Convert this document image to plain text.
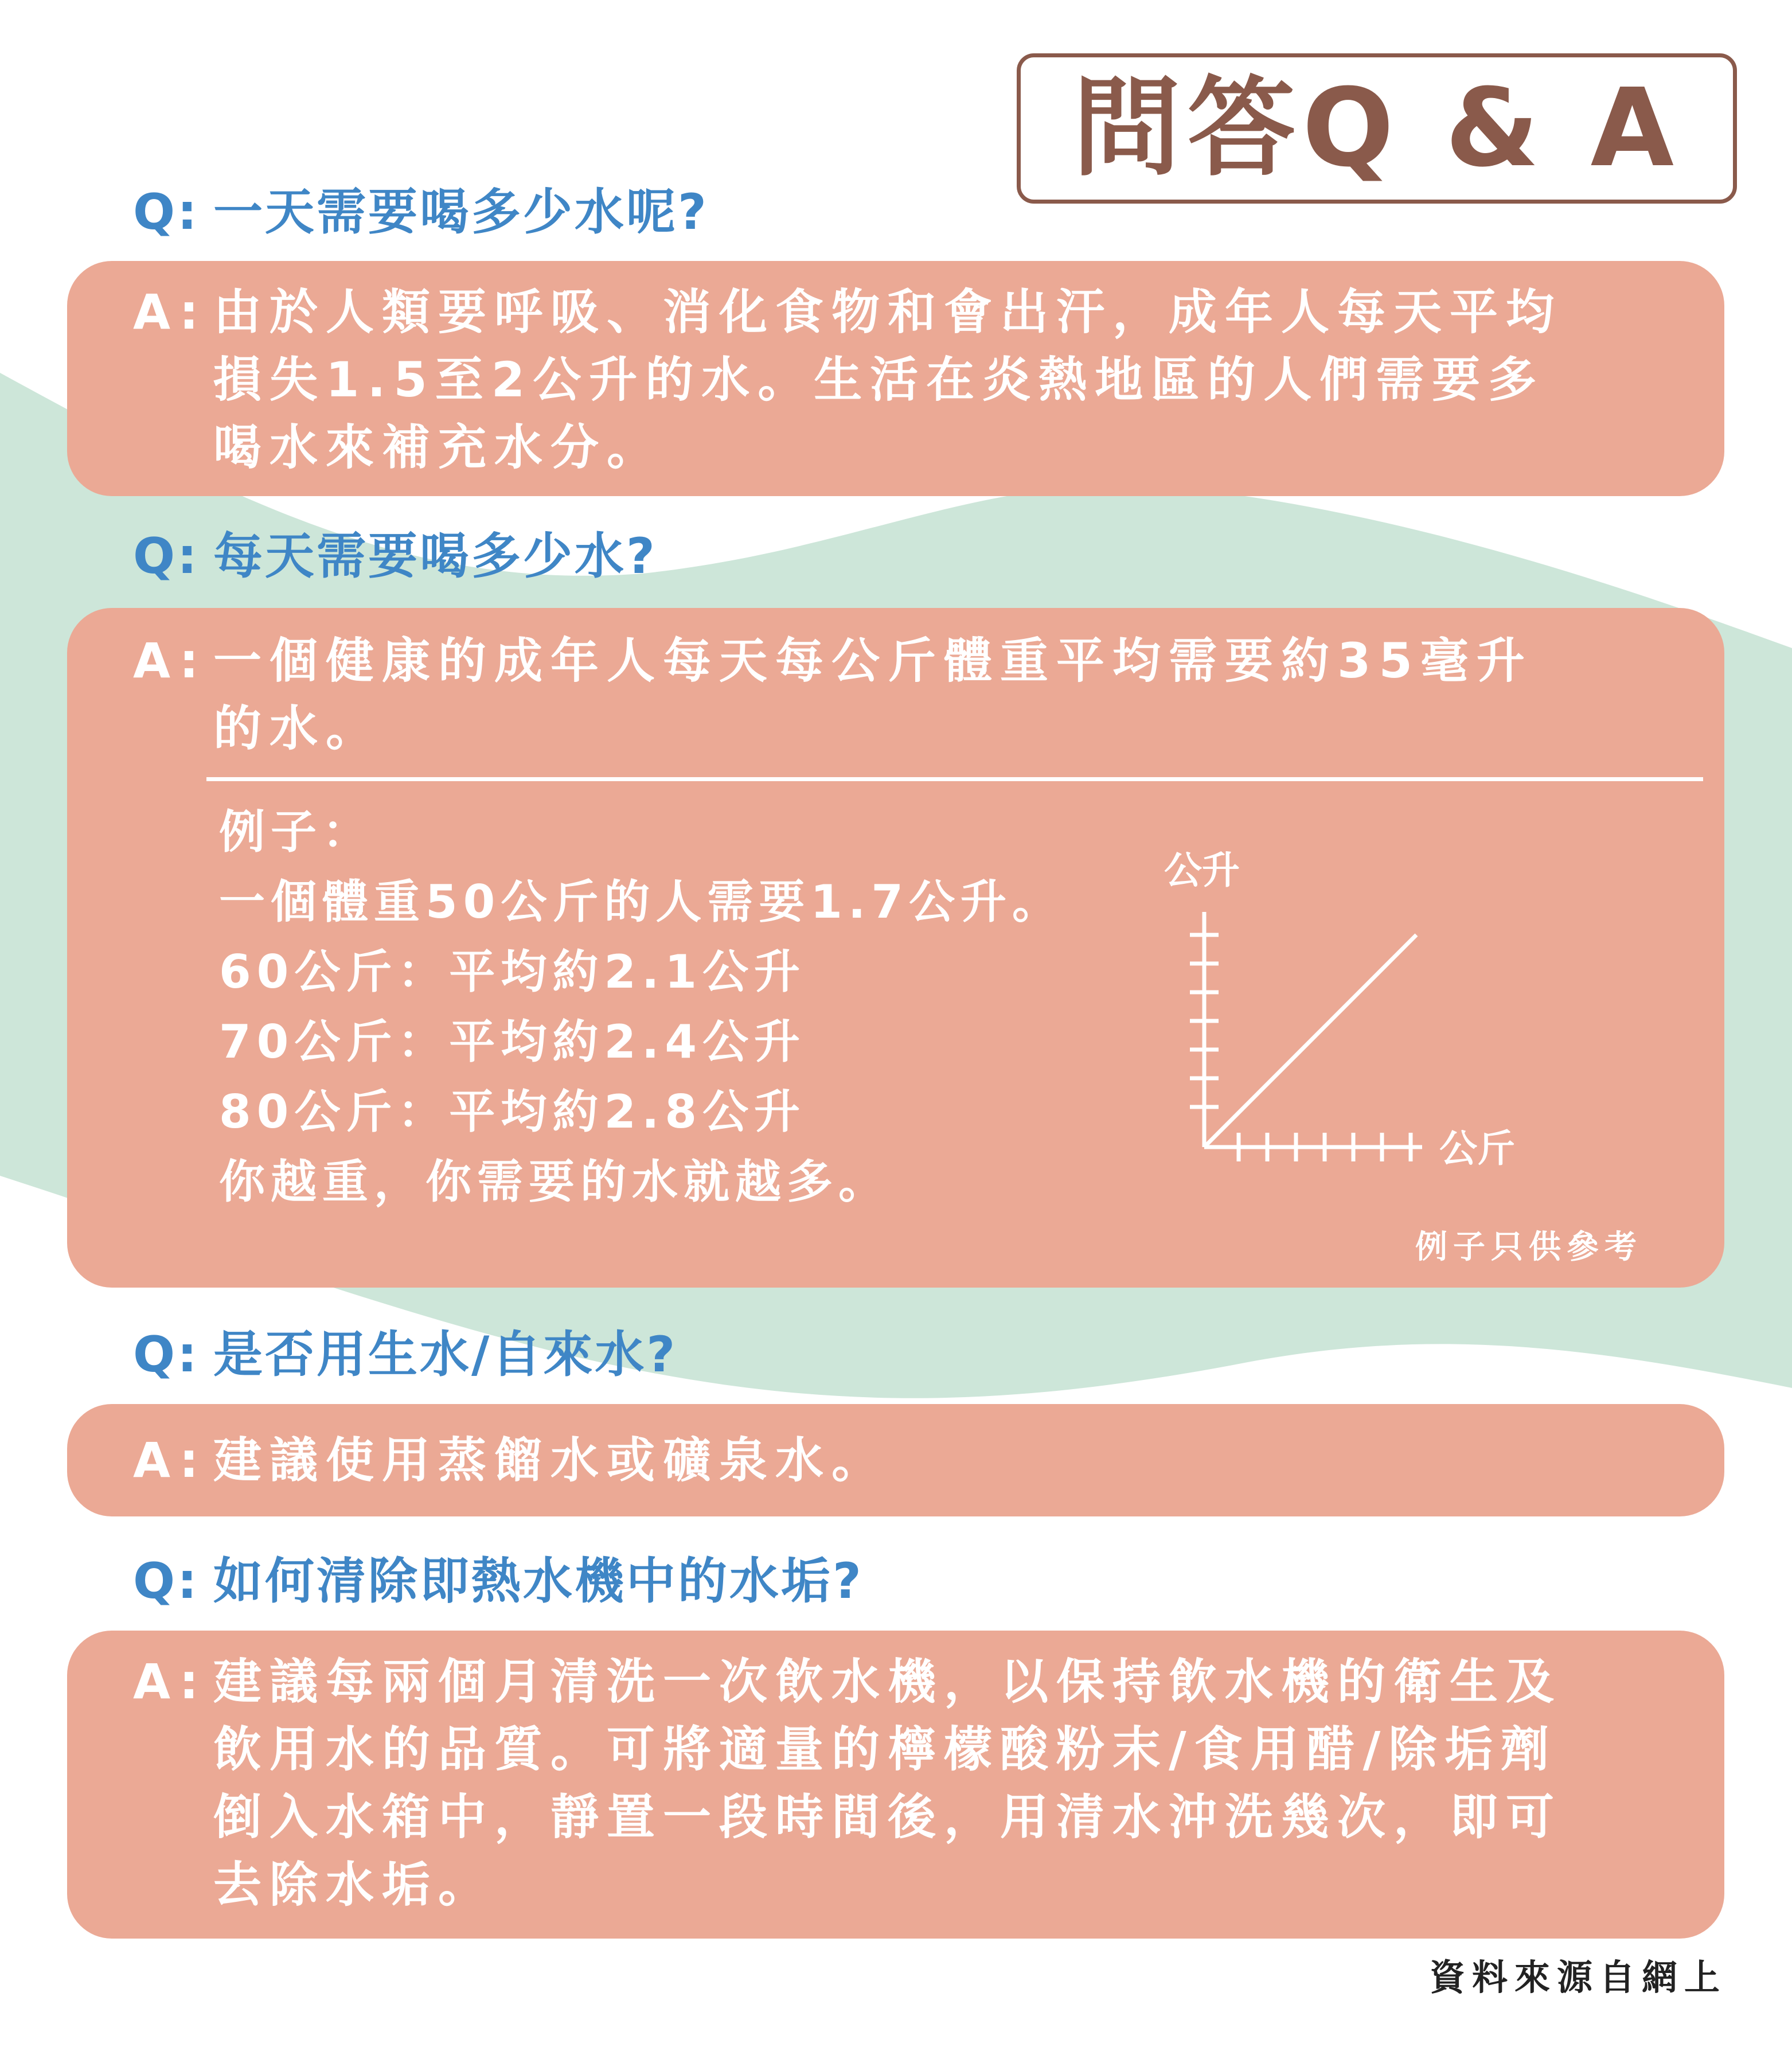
問答Q & A
Q: 一天需要喝多少水呢?
A: 由於人類要呼吸、消化食物和會出汗，成年人每天平均
損失1.5至2公升的水。生活在炎熱地區的人們需要多
喝水來補充水分。
Q: 每天需要喝多少水?
A: 一個健康的成年人每天每公斤體重平均需要約35毫升
的水。
例子：
一個體重50公斤的人需要1.7公升。
60公斤：平均約2.1公升
70公斤：平均約2.4公升
80公斤：平均約2.8公升
你越重，你需要的水就越多。
公升
公斤
例子只供參考
Q: 是否用生水/自來水?
A: 建議使用蒸餾水或礦泉水。
Q: 如何清除即熱水機中的水垢?
A: 建議每兩個月清洗一次飲水機，以保持飲水機的衛生及
飲用水的品質。可將適量的檸檬酸粉末/食用醋/除垢劑
倒入水箱中，靜置一段時間後，用清水沖洗幾次，即可
去除水垢。
資料來源自網上
